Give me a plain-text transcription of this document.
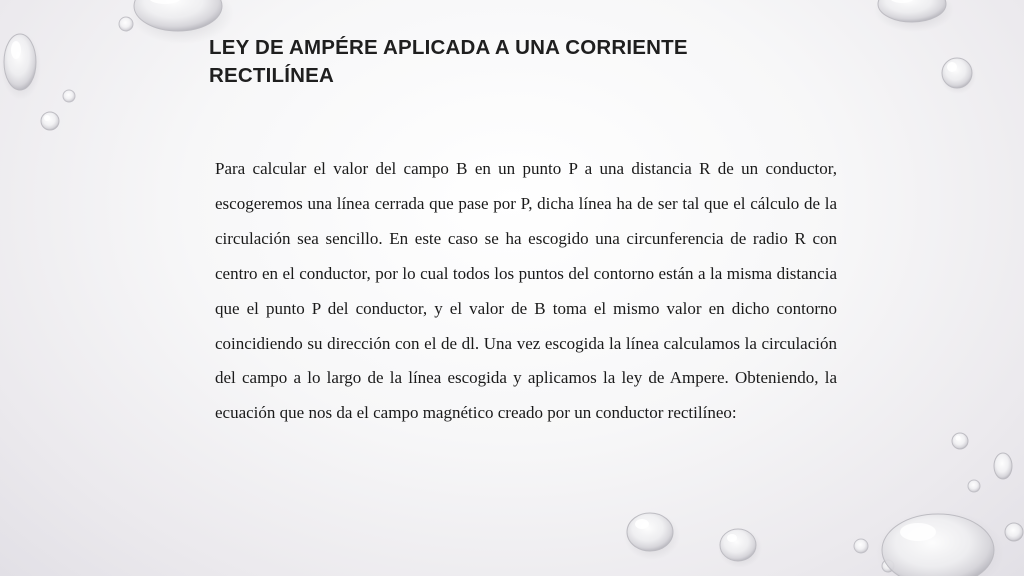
LEY DE AMPÉRE APLICADA A UNA CORRIENTE RECTILÍNEA

Para calcular el valor del campo B en un punto P a una distancia R de un conductor, escogeremos una línea cerrada que pase por P, dicha línea ha de ser tal que el cálculo de la circulación sea sencillo. En este caso se ha escogido una circunferencia de radio R con centro en el conductor, por lo cual todos los puntos del contorno están a la misma distancia que el punto P del conductor, y el valor de B toma el mismo valor en dicho contorno coincidiendo su dirección con el de dl. Una vez escogida la línea calculamos la circulación del campo a lo largo de la línea escogida y aplicamos la ley de Ampere. Obteniendo, la ecuación que nos da el campo magnético creado por un conductor rectilíneo:
